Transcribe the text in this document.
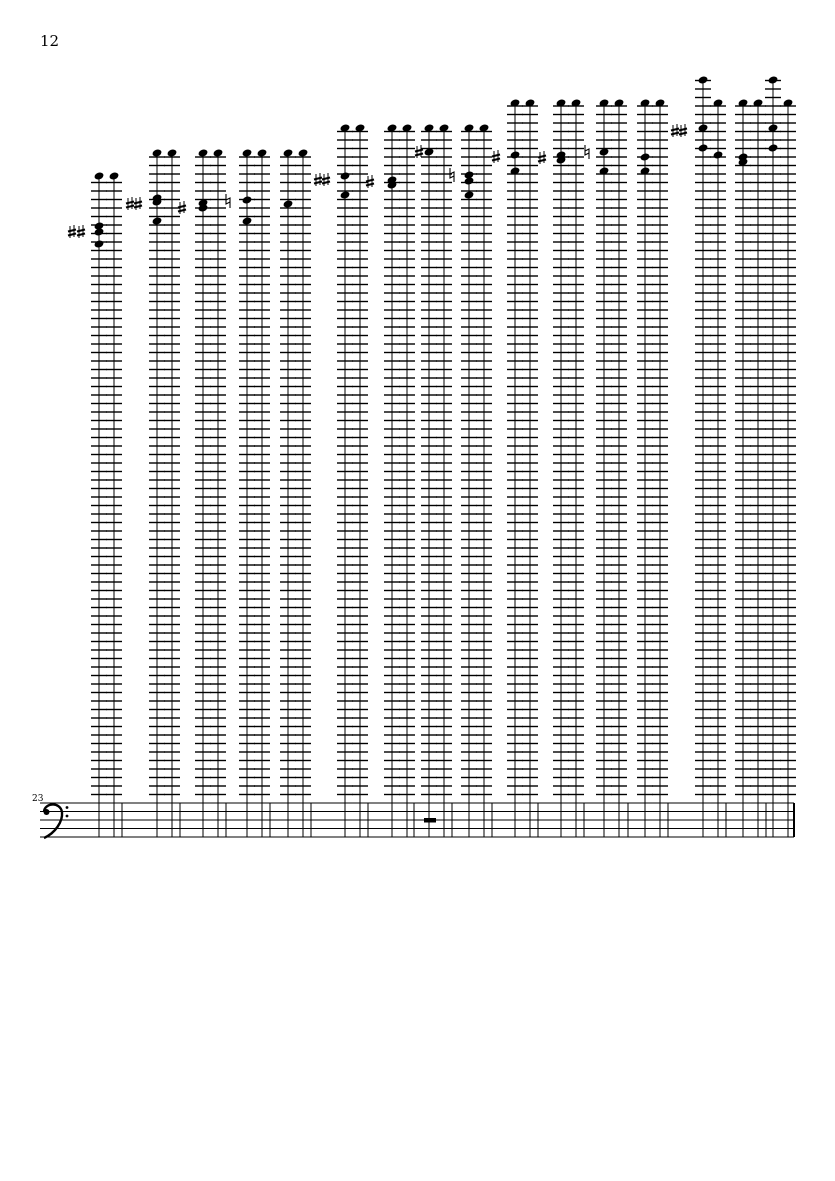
12
23
